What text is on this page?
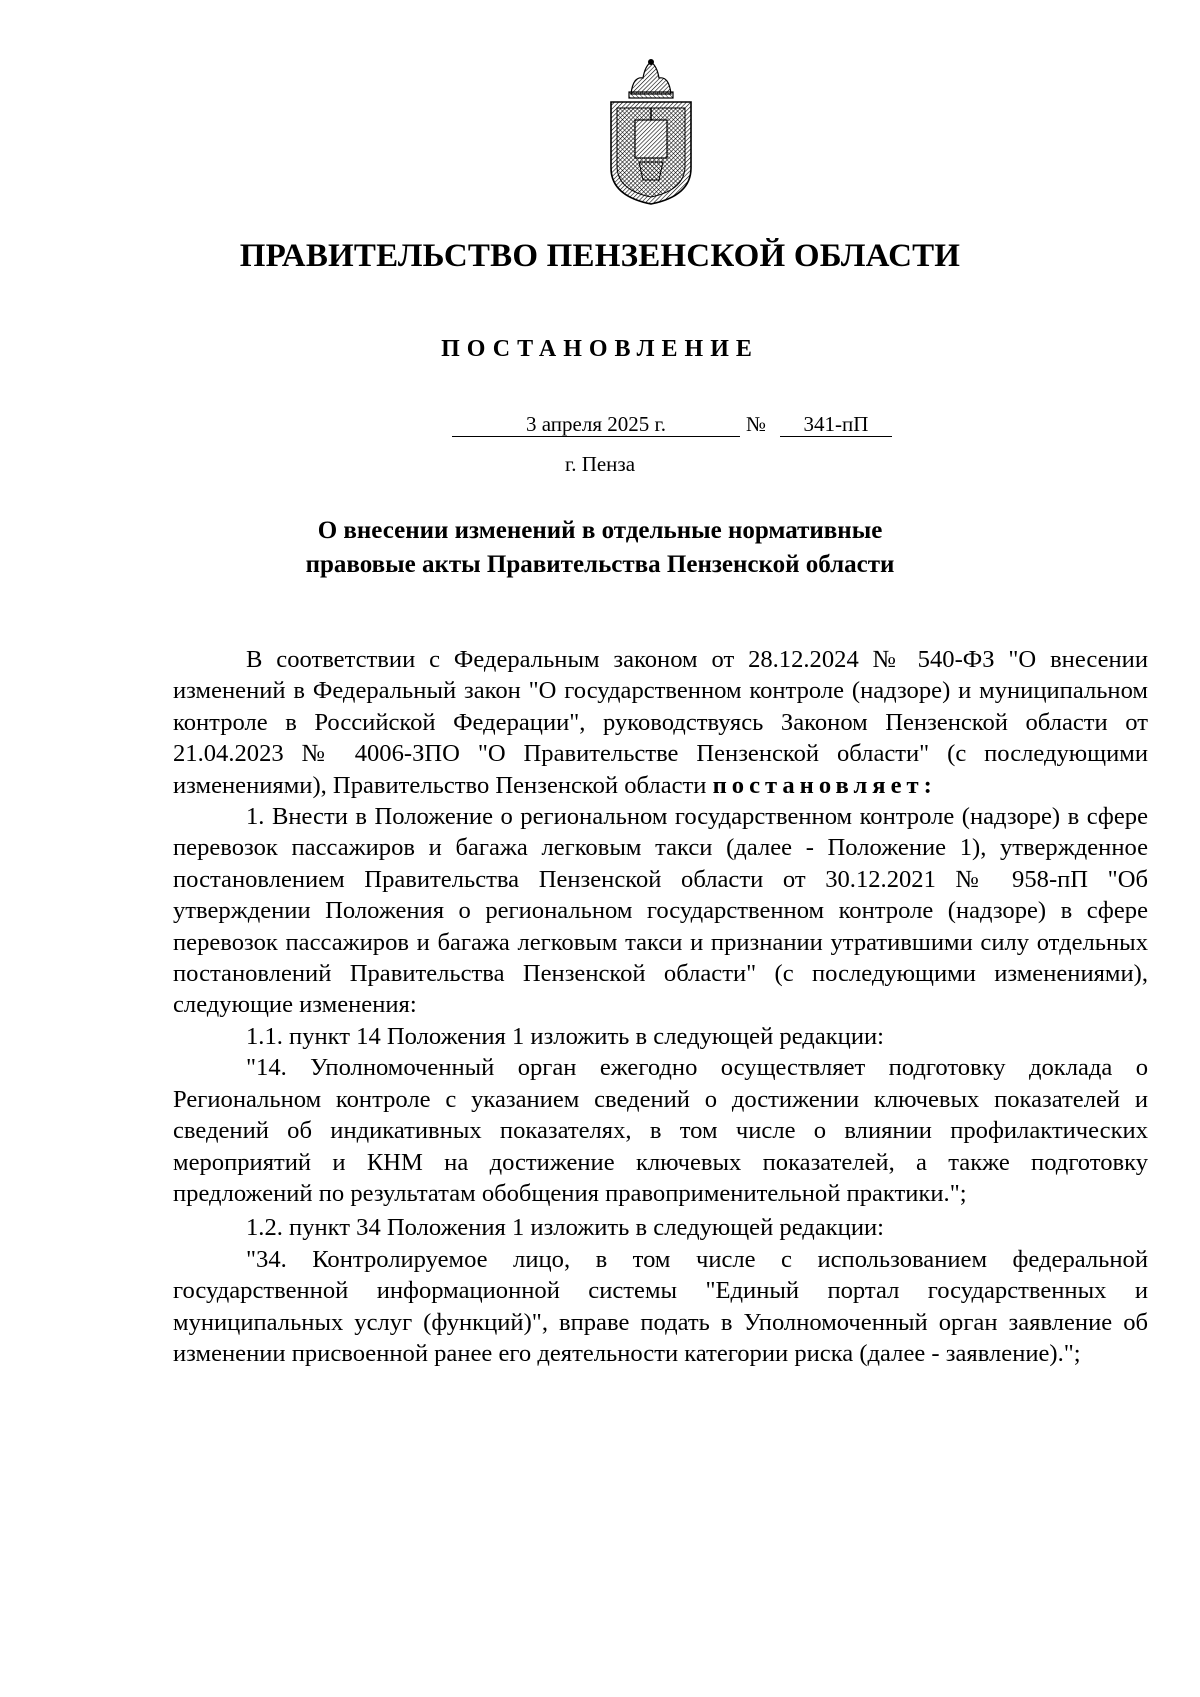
ПРАВИТЕЛЬСТВО ПЕНЗЕНСКОЙ ОБЛАСТИ
ПОСТАНОВЛЕНИЕ
3 апреля 2025 г.	№	341-пП
г. Пенза
О внесении изменений в отдельные нормативные
правовые акты Правительства Пензенской области

В соответствии с Федеральным законом от 28.12.2024 № 540-ФЗ "О внесении изменений в Федеральный закон "О государственном контроле (надзоре) и муниципальном контроле в Российской Федерации", руководствуясь Законом Пензенской области от 21.04.2023 № 4006-ЗПО "О Правительстве Пензенской области" (с последующими изменениями), Правительство Пензенской области постановляет:

1. Внести в Положение о региональном государственном контроле (надзоре) в сфере перевозок пассажиров и багажа легковым такси (далее - Положение 1), утвержденное постановлением Правительства Пензенской области от 30.12.2021 № 958-пП "Об утверждении Положения о региональном государственном контроле (надзоре) в сфере перевозок пассажиров и багажа легковым такси и признании утратившими силу отдельных постановлений Правительства Пензенской области" (с последующими изменениями), следующие изменения:

1.1. пункт 14 Положения 1 изложить в следующей редакции:

"14. Уполномоченный орган ежегодно осуществляет подготовку доклада о Региональном контроле с указанием сведений о достижении ключевых показателей и сведений об индикативных показателях, в том числе о влиянии профилактических мероприятий и КНМ на достижение ключевых показателей, а также подготовку предложений по результатам обобщения правоприменительной практики.";

1.2. пункт 34 Положения 1 изложить в следующей редакции:

"34. Контролируемое лицо, в том числе с использованием федеральной государственной информационной системы "Единый портал государственных и муниципальных услуг (функций)", вправе подать в Уполномоченный орган заявление об изменении присвоенной ранее его деятельности категории риска (далее - заявление).";
